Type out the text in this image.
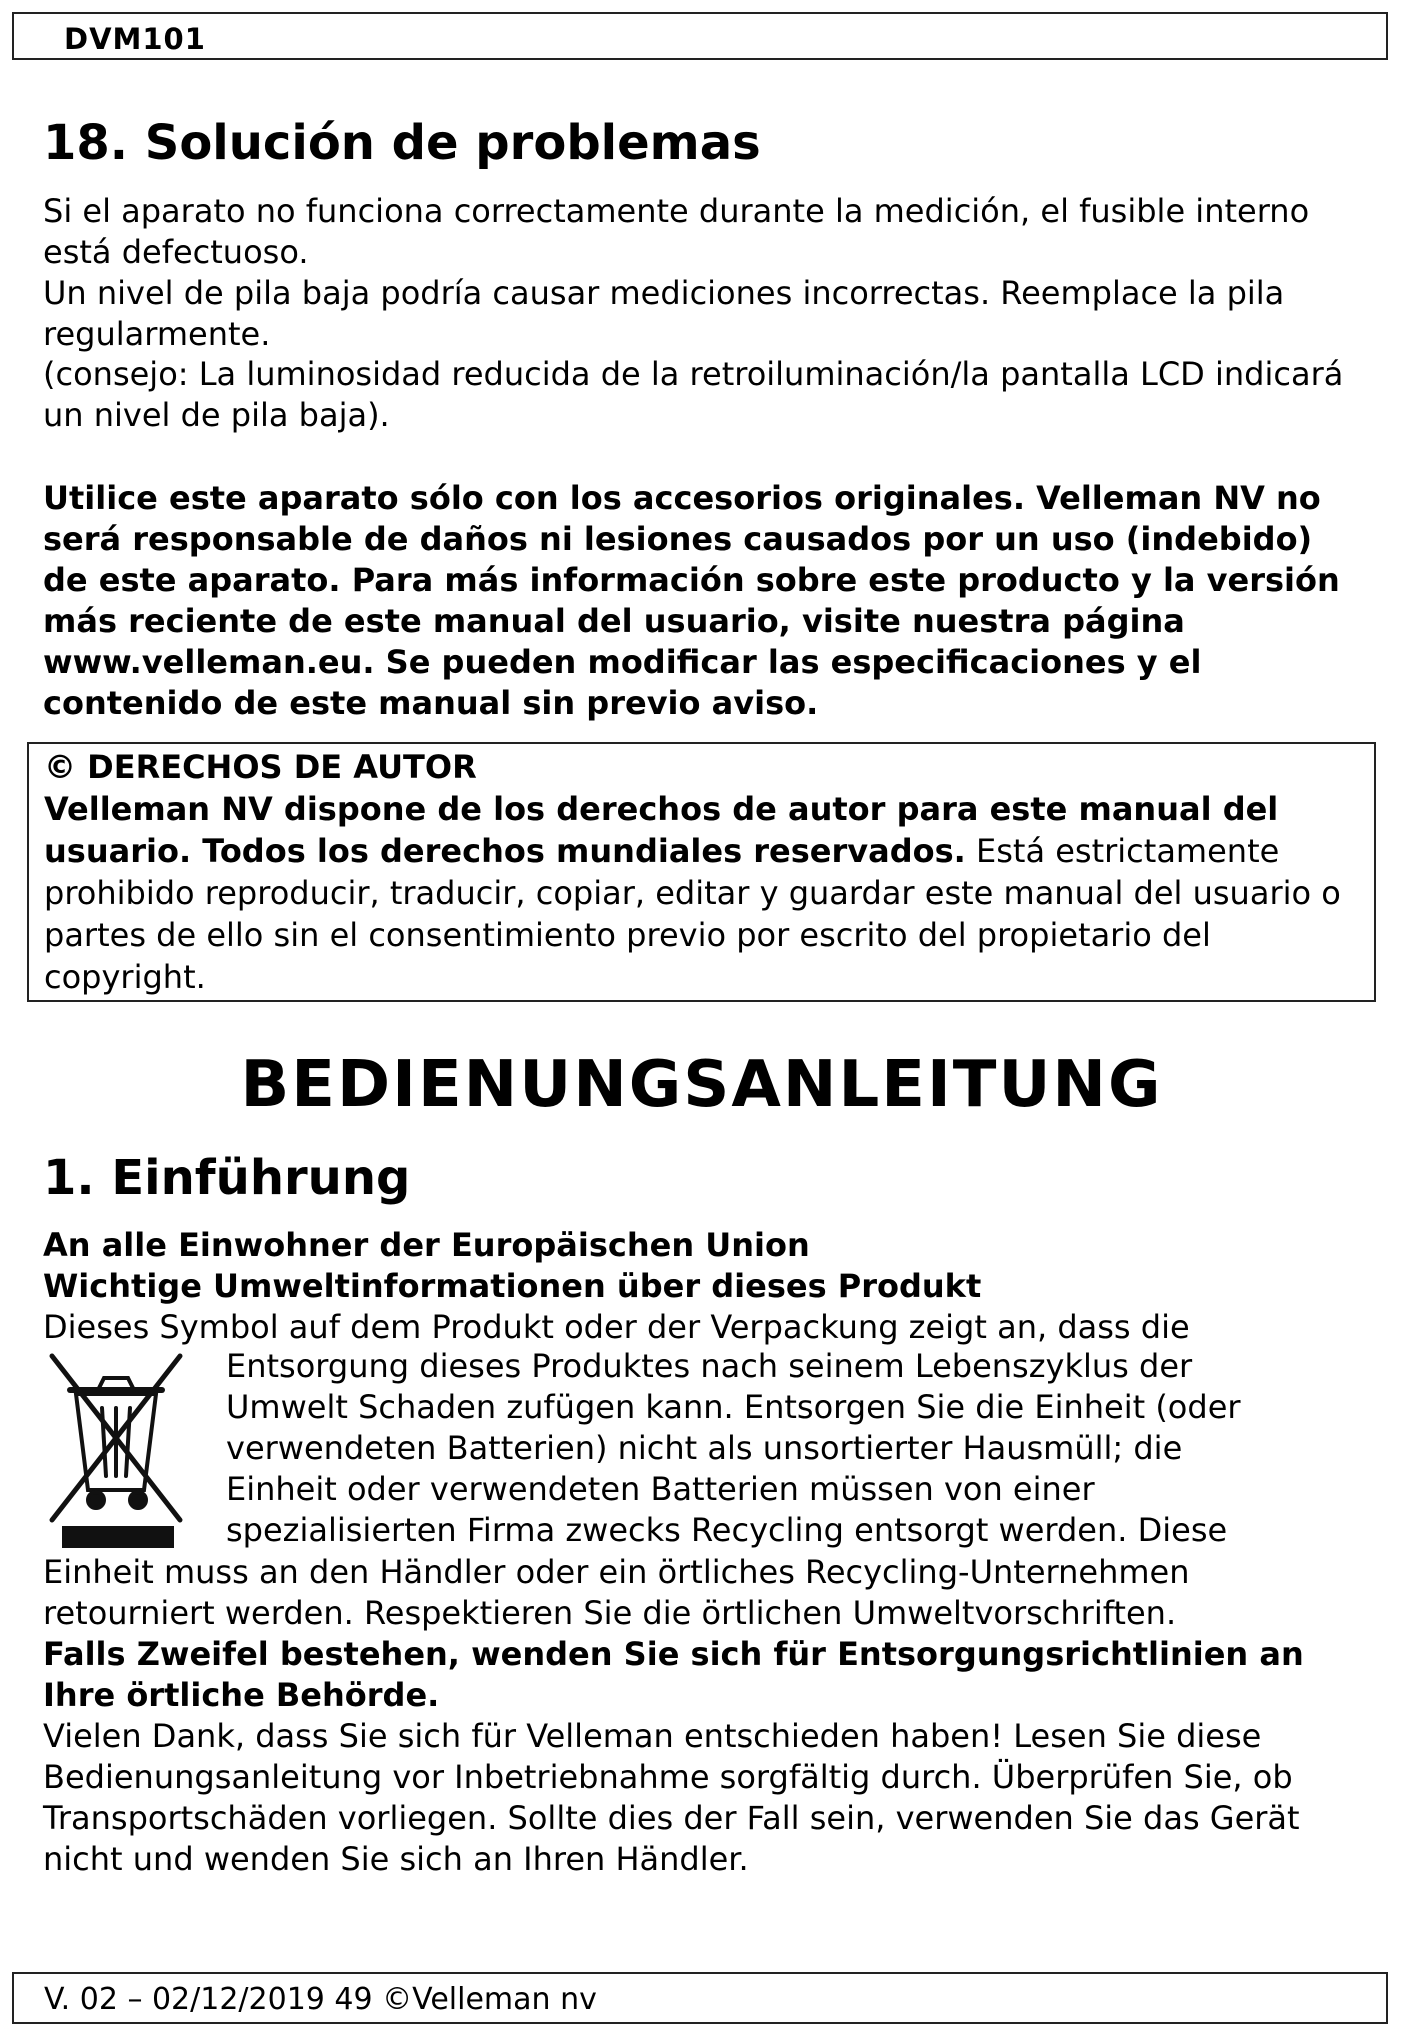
DVM101
18. Solución de problemas

Si el aparato no funciona correctamente durante la medición, el fusible interno está defectuoso.

Un nivel de pila baja podría causar mediciones incorrectas. Reemplace la pila regularmente.

(consejo: La luminosidad reducida de la retroiluminación/la pantalla LCD indicará un nivel de pila baja).

Utilice este aparato sólo con los accesorios originales. Velleman NV no será responsable de daños ni lesiones causados por un uso (indebido) de este aparato. Para más información sobre este producto y la versión más reciente de este manual del usuario, visite nuestra página www.velleman.eu. Se pueden modificar las especificaciones y el contenido de este manual sin previo aviso.

© DERECHOS DE AUTOR
Velleman NV dispone de los derechos de autor para este manual del usuario. Todos los derechos mundiales reservados. Está estrictamente prohibido reproducir, traducir, copiar, editar y guardar este manual del usuario o partes de ello sin el consentimiento previo por escrito del propietario del copyright.
BEDIENUNGSANLEITUNG
1. Einführung

An alle Einwohner der Europäischen Union

Wichtige Umweltinformationen über dieses Produkt

Dieses Symbol auf dem Produkt oder der Verpackung zeigt an, dass die

Entsorgung dieses Produktes nach seinem Lebenszyklus der
Umwelt Schaden zufügen kann. Entsorgen Sie die Einheit (oder
verwendeten Batterien) nicht als unsortierter Hausmüll; die
Einheit oder verwendeten Batterien müssen von einer
spezialisierten Firma zwecks Recycling entsorgt werden. Diese

Einheit muss an den Händler oder ein örtliches Recycling-Unternehmen retourniert werden. Respektieren Sie die örtlichen Umweltvorschriften.

Falls Zweifel bestehen, wenden Sie sich für Entsorgungsrichtlinien an Ihre örtliche Behörde.

Vielen Dank, dass Sie sich für Velleman entschieden haben! Lesen Sie diese Bedienungsanleitung vor Inbetriebnahme sorgfältig durch. Überprüfen Sie, ob Transportschäden vorliegen. Sollte dies der Fall sein, verwenden Sie das Gerät nicht und wenden Sie sich an Ihren Händler.

V. 02 – 02/12/2019 49 ©Velleman nv
